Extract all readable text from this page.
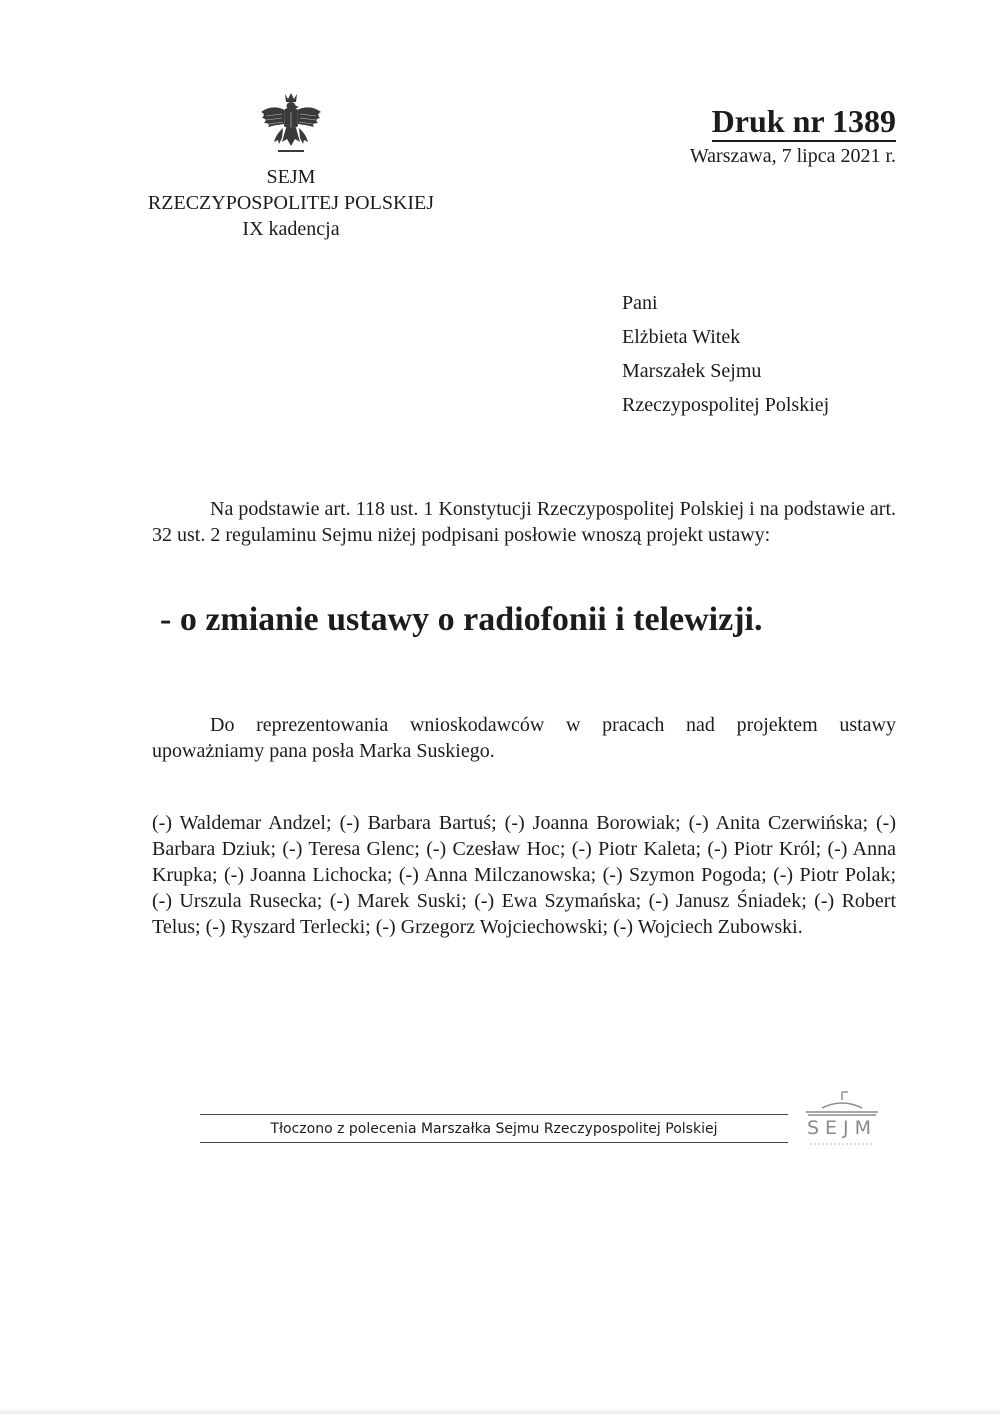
SEJM
RZECZYPOSPOLITEJ POLSKIEJ
IX kadencja
Druk nr 1389
Warszawa, 7 lipca 2021 r.
Pani
Elżbieta Witek
Marszałek Sejmu
Rzeczypospolitej Polskiej
Na podstawie art. 118 ust. 1 Konstytucji Rzeczypospolitej Polskiej i na podstawie art. 32 ust. 2 regulaminu Sejmu niżej podpisani posłowie wnoszą projekt ustawy:
- o zmianie ustawy o radiofonii i telewizji.
Do reprezentowania wnioskodawców w pracach nad projektem ustawy upoważniamy pana posła Marka Suskiego.
(-) Waldemar Andzel; (-) Barbara Bartuś; (-) Joanna Borowiak; (-) Anita Czerwińska; (-) Barbara Dziuk; (-) Teresa Glenc; (-) Czesław Hoc; (-) Piotr Kaleta; (-) Piotr Król; (-) Anna Krupka; (-) Joanna Lichocka; (-) Anna Milczanowska; (-) Szymon Pogoda; (-) Piotr Polak; (-) Urszula Rusecka; (-) Marek Suski; (-) Ewa Szymańska; (-) Janusz Śniadek; (-) Robert Telus; (-) Ryszard Terlecki; (-) Grzegorz Wojciechowski; (-) Wojciech Zubowski.
Tłoczono z polecenia Marszałka Sejmu Rzeczypospolitej Polskiej	SEJM
